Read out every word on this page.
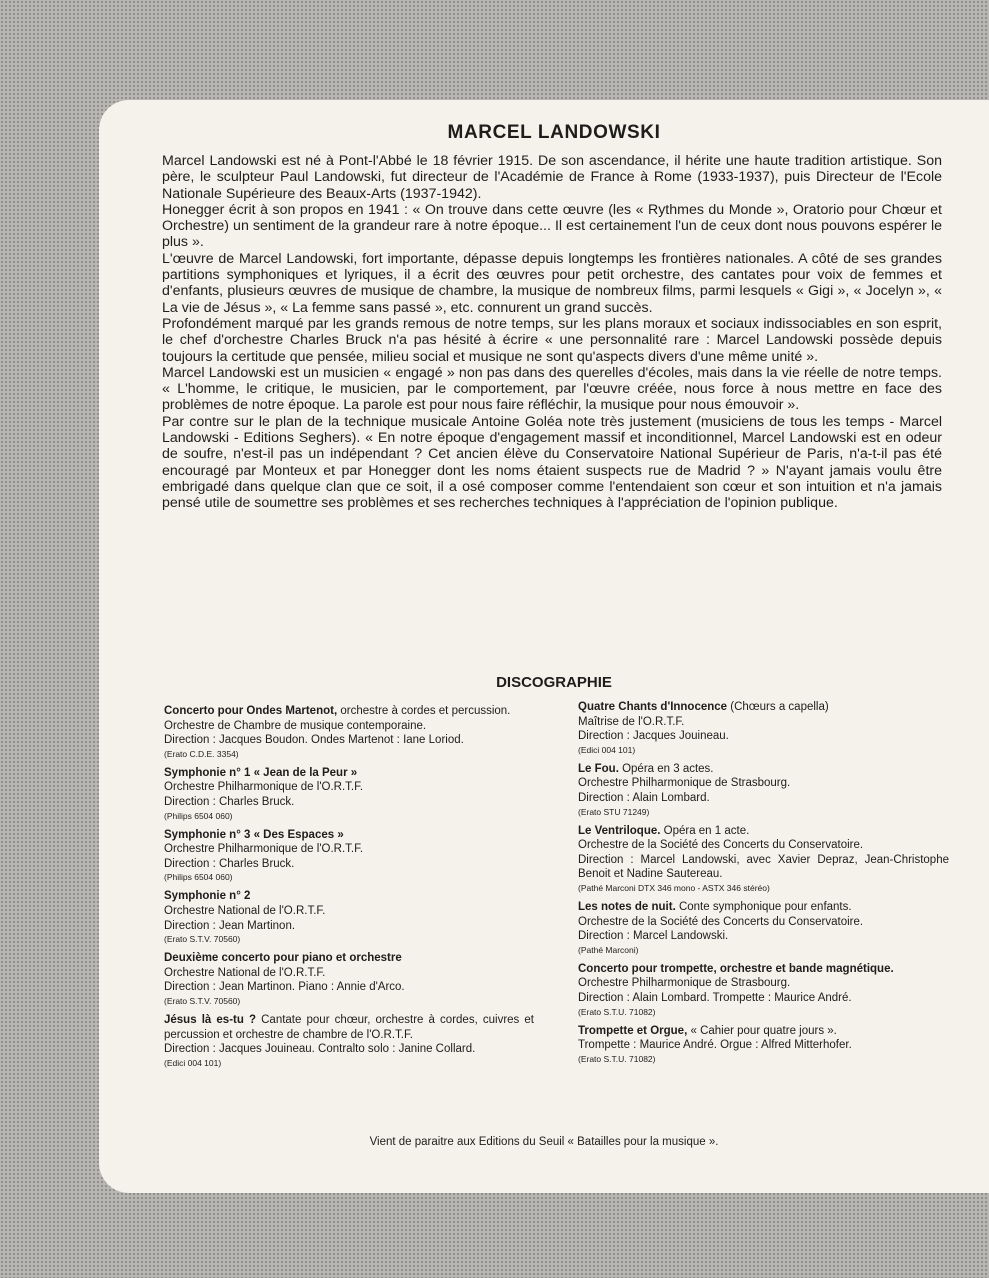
MARCEL LANDOWSKI

Marcel Landowski est né à Pont-l'Abbé le 18 février 1915. De son ascendance, il hérite une haute tradition artistique. Son père, le sculpteur Paul Landowski, fut directeur de l'Académie de France à Rome (1933-1937), puis Directeur de l'Ecole Nationale Supérieure des Beaux-Arts (1937-1942).

Honegger écrit à son propos en 1941 : « On trouve dans cette œuvre (les « Rythmes du Monde », Oratorio pour Chœur et Orchestre) un sentiment de la grandeur rare à notre époque... Il est certainement l'un de ceux dont nous pouvons espérer le plus ».

L'œuvre de Marcel Landowski, fort importante, dépasse depuis longtemps les frontières nationales. A côté de ses grandes partitions symphoniques et lyriques, il a écrit des œuvres pour petit orchestre, des cantates pour voix de femmes et d'enfants, plusieurs œuvres de musique de chambre, la musique de nombreux films, parmi lesquels « Gigi », « Jocelyn », « La vie de Jésus », « La femme sans passé », etc. connurent un grand succès.

Profondément marqué par les grands remous de notre temps, sur les plans moraux et sociaux indissociables en son esprit, le chef d'orchestre Charles Bruck n'a pas hésité à écrire « une personnalité rare : Marcel Landowski possède depuis toujours la certitude que pensée, milieu social et musique ne sont qu'aspects divers d'une même unité ».

Marcel Landowski est un musicien « engagé » non pas dans des querelles d'écoles, mais dans la vie réelle de notre temps. « L'homme, le critique, le musicien, par le comportement, par l'œuvre créée, nous force à nous mettre en face des problèmes de notre époque. La parole est pour nous faire réfléchir, la musique pour nous émouvoir ».

Par contre sur le plan de la technique musicale Antoine Goléa note très justement (musiciens de tous les temps - Marcel Landowski - Editions Seghers). « En notre époque d'engagement massif et inconditionnel, Marcel Landowski est en odeur de soufre, n'est-il pas un indépendant ? Cet ancien élève du Conservatoire National Supérieur de Paris, n'a-t-il pas été encouragé par Monteux et par Honegger dont les noms étaient suspects rue de Madrid ? » N'ayant jamais voulu être embrigadé dans quelque clan que ce soit, il a osé composer comme l'entendaient son cœur et son intuition et n'a jamais pensé utile de soumettre ses problèmes et ses recherches techniques à l'appréciation de l'opinion publique.

DISCOGRAPHIE
Concerto pour Ondes Martenot, orchestre à cordes et percussion.
Orchestre de Chambre de musique contemporaine.
Direction : Jacques Boudon. Ondes Martenot : Iane Loriod.
(Erato C.D.E. 3354)
Symphonie n° 1 « Jean de la Peur »
Orchestre Philharmonique de l'O.R.T.F.
Direction : Charles Bruck.
(Philips 6504 060)
Symphonie n° 3 « Des Espaces »
Orchestre Philharmonique de l'O.R.T.F.
Direction : Charles Bruck.
(Philips 6504 060)
Symphonie n° 2
Orchestre National de l'O.R.T.F.
Direction : Jean Martinon.
(Erato S.T.V. 70560)
Deuxième concerto pour piano et orchestre
Orchestre National de l'O.R.T.F.
Direction : Jean Martinon. Piano : Annie d'Arco.
(Erato S.T.V. 70560)
Jésus là es-tu ? Cantate pour chœur, orchestre à cordes, cuivres et percussion et orchestre de chambre de l'O.R.T.F.
Direction : Jacques Jouineau. Contralto solo : Janine Collard.
(Edici 004 101)
Quatre Chants d'Innocence (Chœurs a capella)
Maîtrise de l'O.R.T.F.
Direction : Jacques Jouineau.
(Edici 004 101)
Le Fou. Opéra en 3 actes.
Orchestre Philharmonique de Strasbourg.
Direction : Alain Lombard.
(Erato STU 71249)
Le Ventriloque. Opéra en 1 acte.
Orchestre de la Société des Concerts du Conservatoire.
Direction : Marcel Landowski, avec Xavier Depraz, Jean-Christophe Benoit et Nadine Sautereau.
(Pathé Marconi DTX 346 mono - ASTX 346 stéréo)
Les notes de nuit. Conte symphonique pour enfants.
Orchestre de la Société des Concerts du Conservatoire.
Direction : Marcel Landowski.
(Pathé Marconi)
Concerto pour trompette, orchestre et bande magnétique.
Orchestre Philharmonique de Strasbourg.
Direction : Alain Lombard. Trompette : Maurice André.
(Erato S.T.U. 71082)
Trompette et Orgue, « Cahier pour quatre jours ».
Trompette : Maurice André. Orgue : Alfred Mitterhofer.
(Erato S.T.U. 71082)

Vient de paraitre aux Editions du Seuil « Batailles pour la musique ».
